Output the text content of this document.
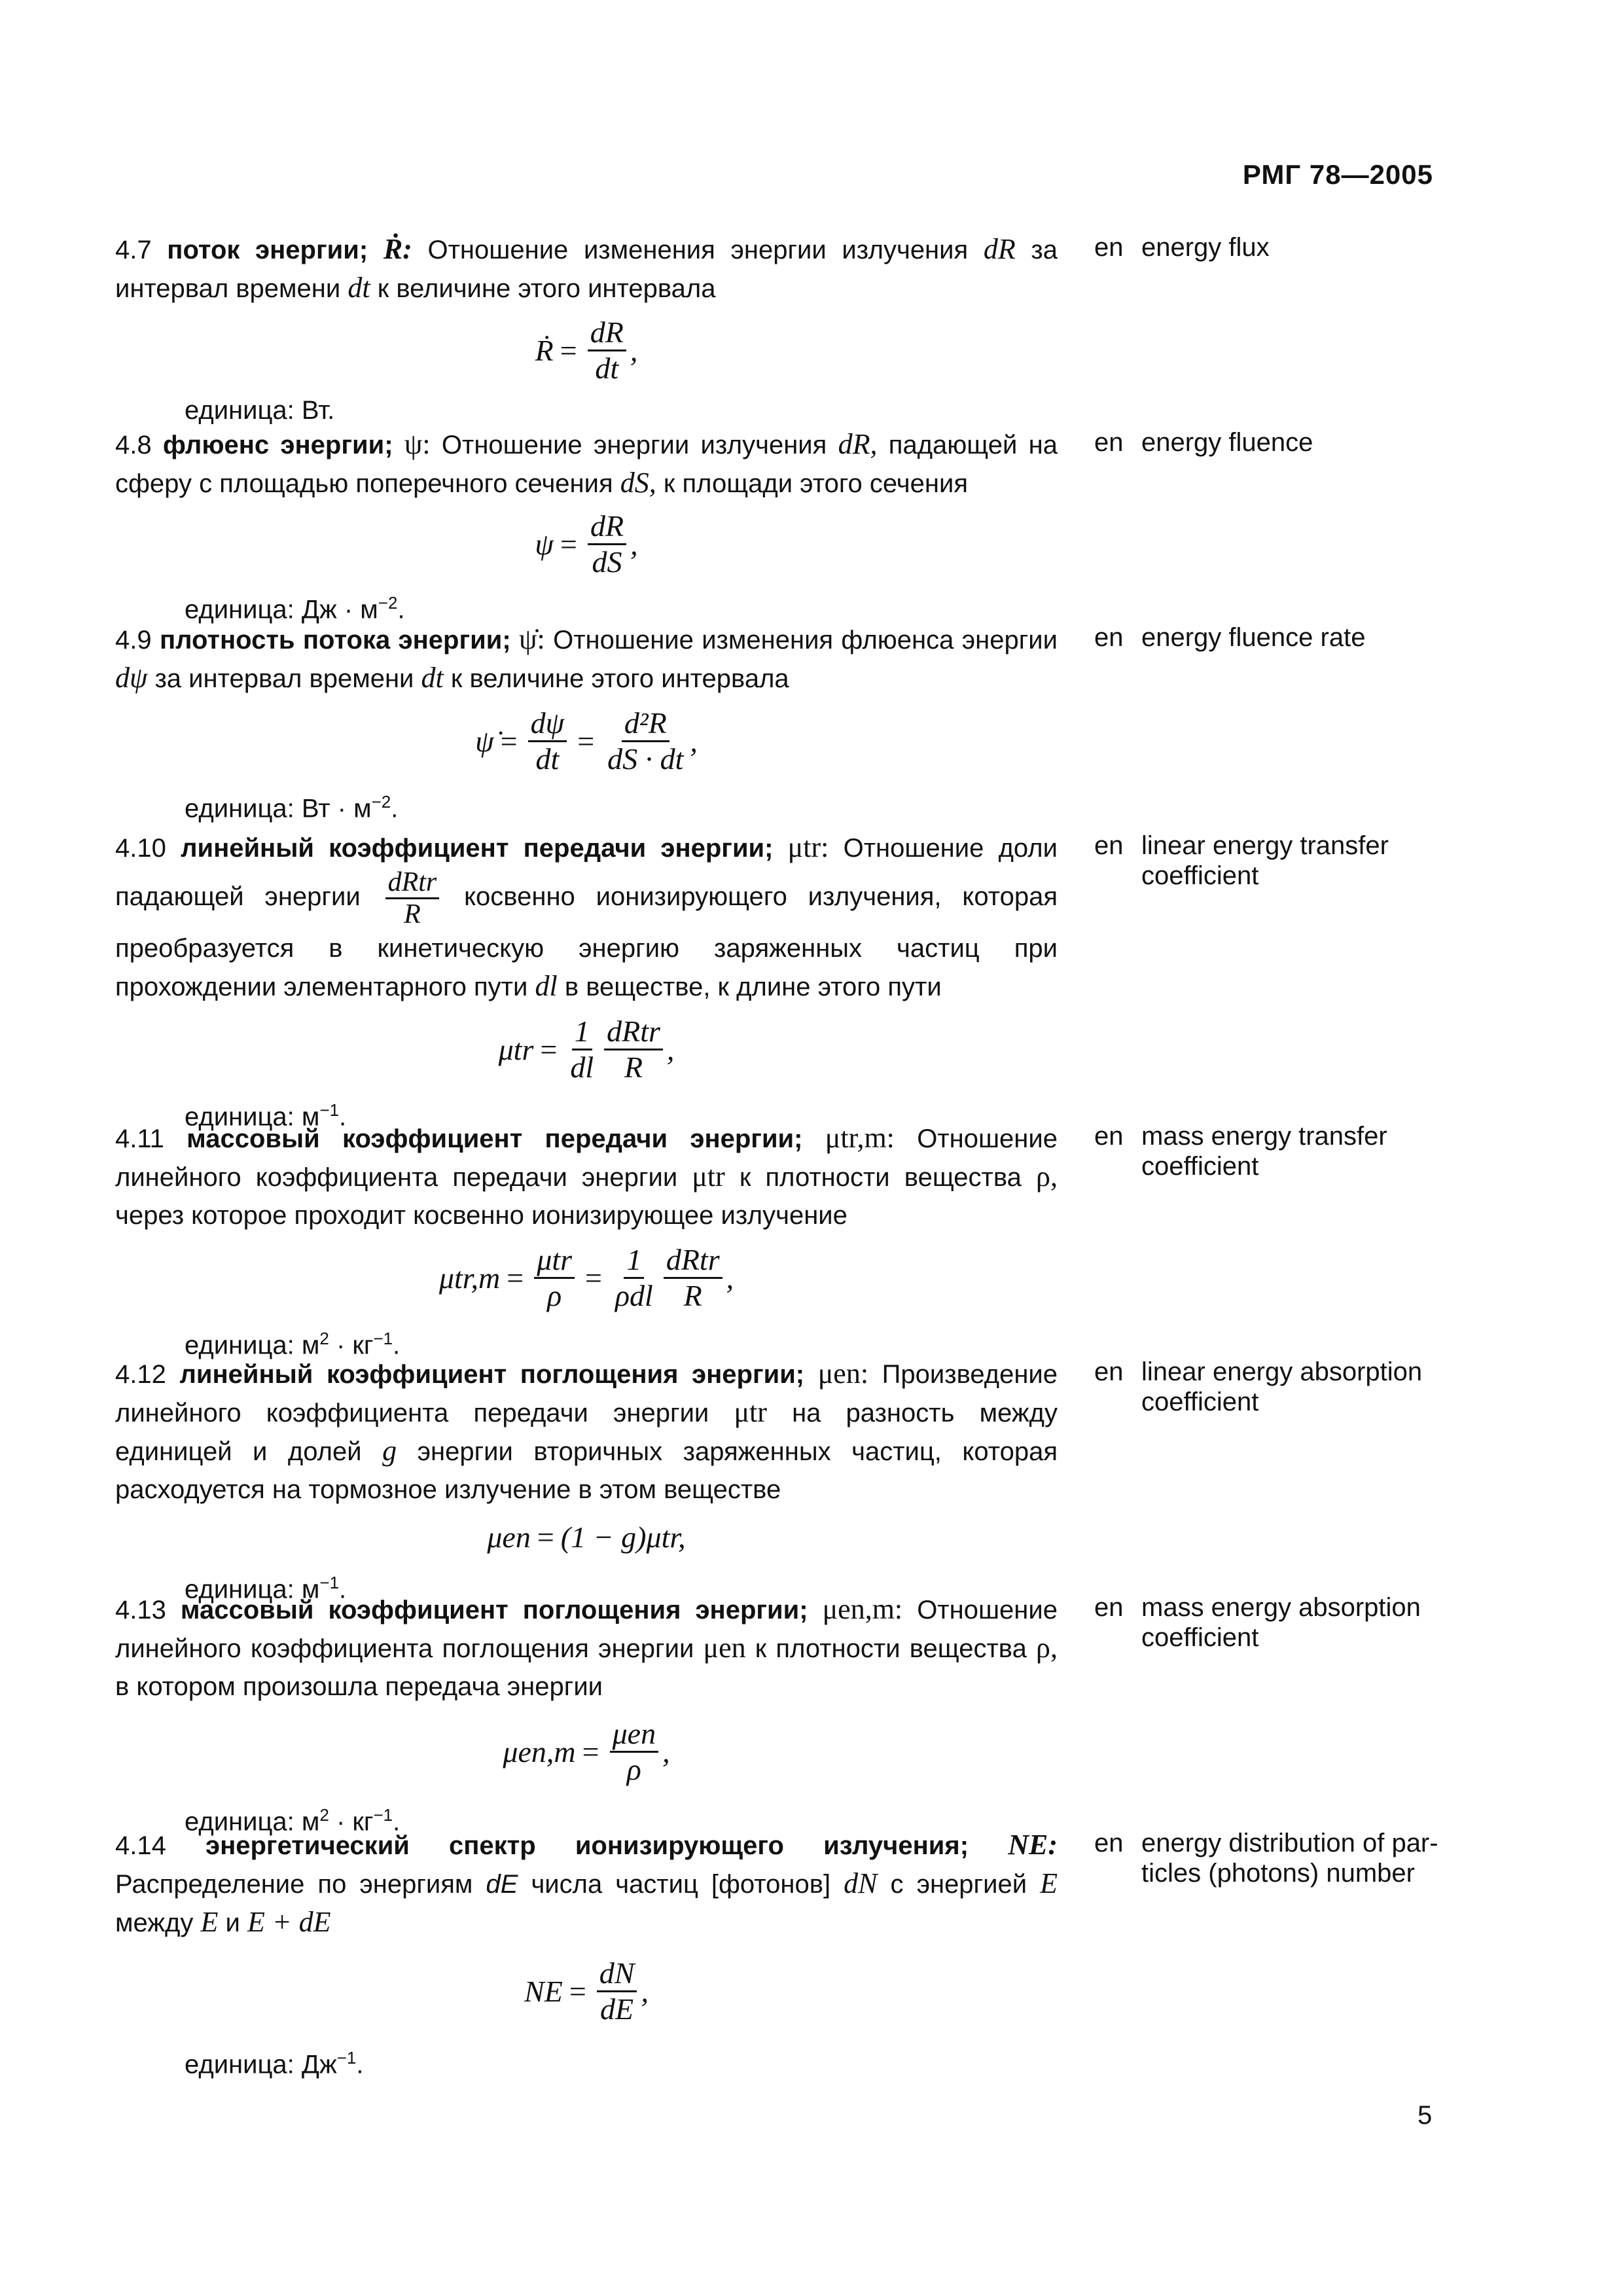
РМГ 78—2005
4.7 поток энергии; Ṙ: Отношение изменения энергии излучения dR за интервал времени dt к величине этого интервала
Ṙ = $\frac{dR}{dt}$ ,
единица: Вт.
en energy flux
4.8 флюенс энергии; ψ: Отношение энергии излучения dR, падающей на сферу с площадью поперечного сечения dS, к площади этого сечения
$\psi = \frac{dR}{dS}$ ,
единица: Дж · $м^{-2}$.
en energy fluence
4.9 плотность потока энергии; ψ̇: Отношение изменения флюенса энергии dψ за интервал времени dt к величине этого интервала
ψ̇ = $\frac{d\psi}{dt} = \frac{\text{d²R}}{dS \cdot dt}$ ,
единица: Вт · $м^{-2}$.
en energy fluence rate
4.10 линейный коэффициент передачи энергии; μtr: Отношение доли падающей энергии $\frac{\text{dRtr}}{R}$ косвенно ионизирующего излучения, которая преобразуется в кинетическую энергию заряженных частиц при прохождении элементарного пути dl в веществе, к длине этого пути
$\mu tr = \frac{1}{dl} \frac{\text{dRtr}}{R}$ ,
единица: $м^{-1}$.
en linear energy transfer
coefficient
4.11 массовый коэффициент передачи энергии; μtr,m: Отношение линейного коэффициента передачи энергии μtr к плотности вещества ρ, через которое проходит косвенно ионизирующее излучение
$\mu tr,m = \frac{\text{μtr}}{\rho} = \frac{1}{\text{ρdl}} \frac{\text{dRtr}}{R}$ ,
единица: $м^2 \cdot кг^{-1}$.
en mass energy transfer
coefficient
4.12 линейный коэффициент поглощения энергии; μen: Произведение линейного коэффициента передачи энергии μtr на разность между единицей и долей g энергии вторичных заряженных частиц, которая расходуется на тормозное излучение в этом веществе
μen = (1 − g)μtr,
единица: $м^{-1}$.
en linear energy absorption
coefficient
4.13 массовый коэффициент поглощения энергии; μen,m: Отношение линейного коэффициента поглощения энергии μen к плотности вещества ρ, в котором произошла передача энергии
$\mu en,m = \frac{\text{μen}}{\rho}$ ,
единица: $м^2 \cdot кг^{-1}$.
en mass energy absorption
coefficient
4.14 энергетический спектр ионизирующего излучения; NE: Распределение по энергиям dE числа частиц [фотонов] dN с энергией E между E и E + dE
NE = $\frac{dN}{dE}$ ,
единица: $Дж^{-1}$.
en energy distribution of par-
ticles (photons) number
5
